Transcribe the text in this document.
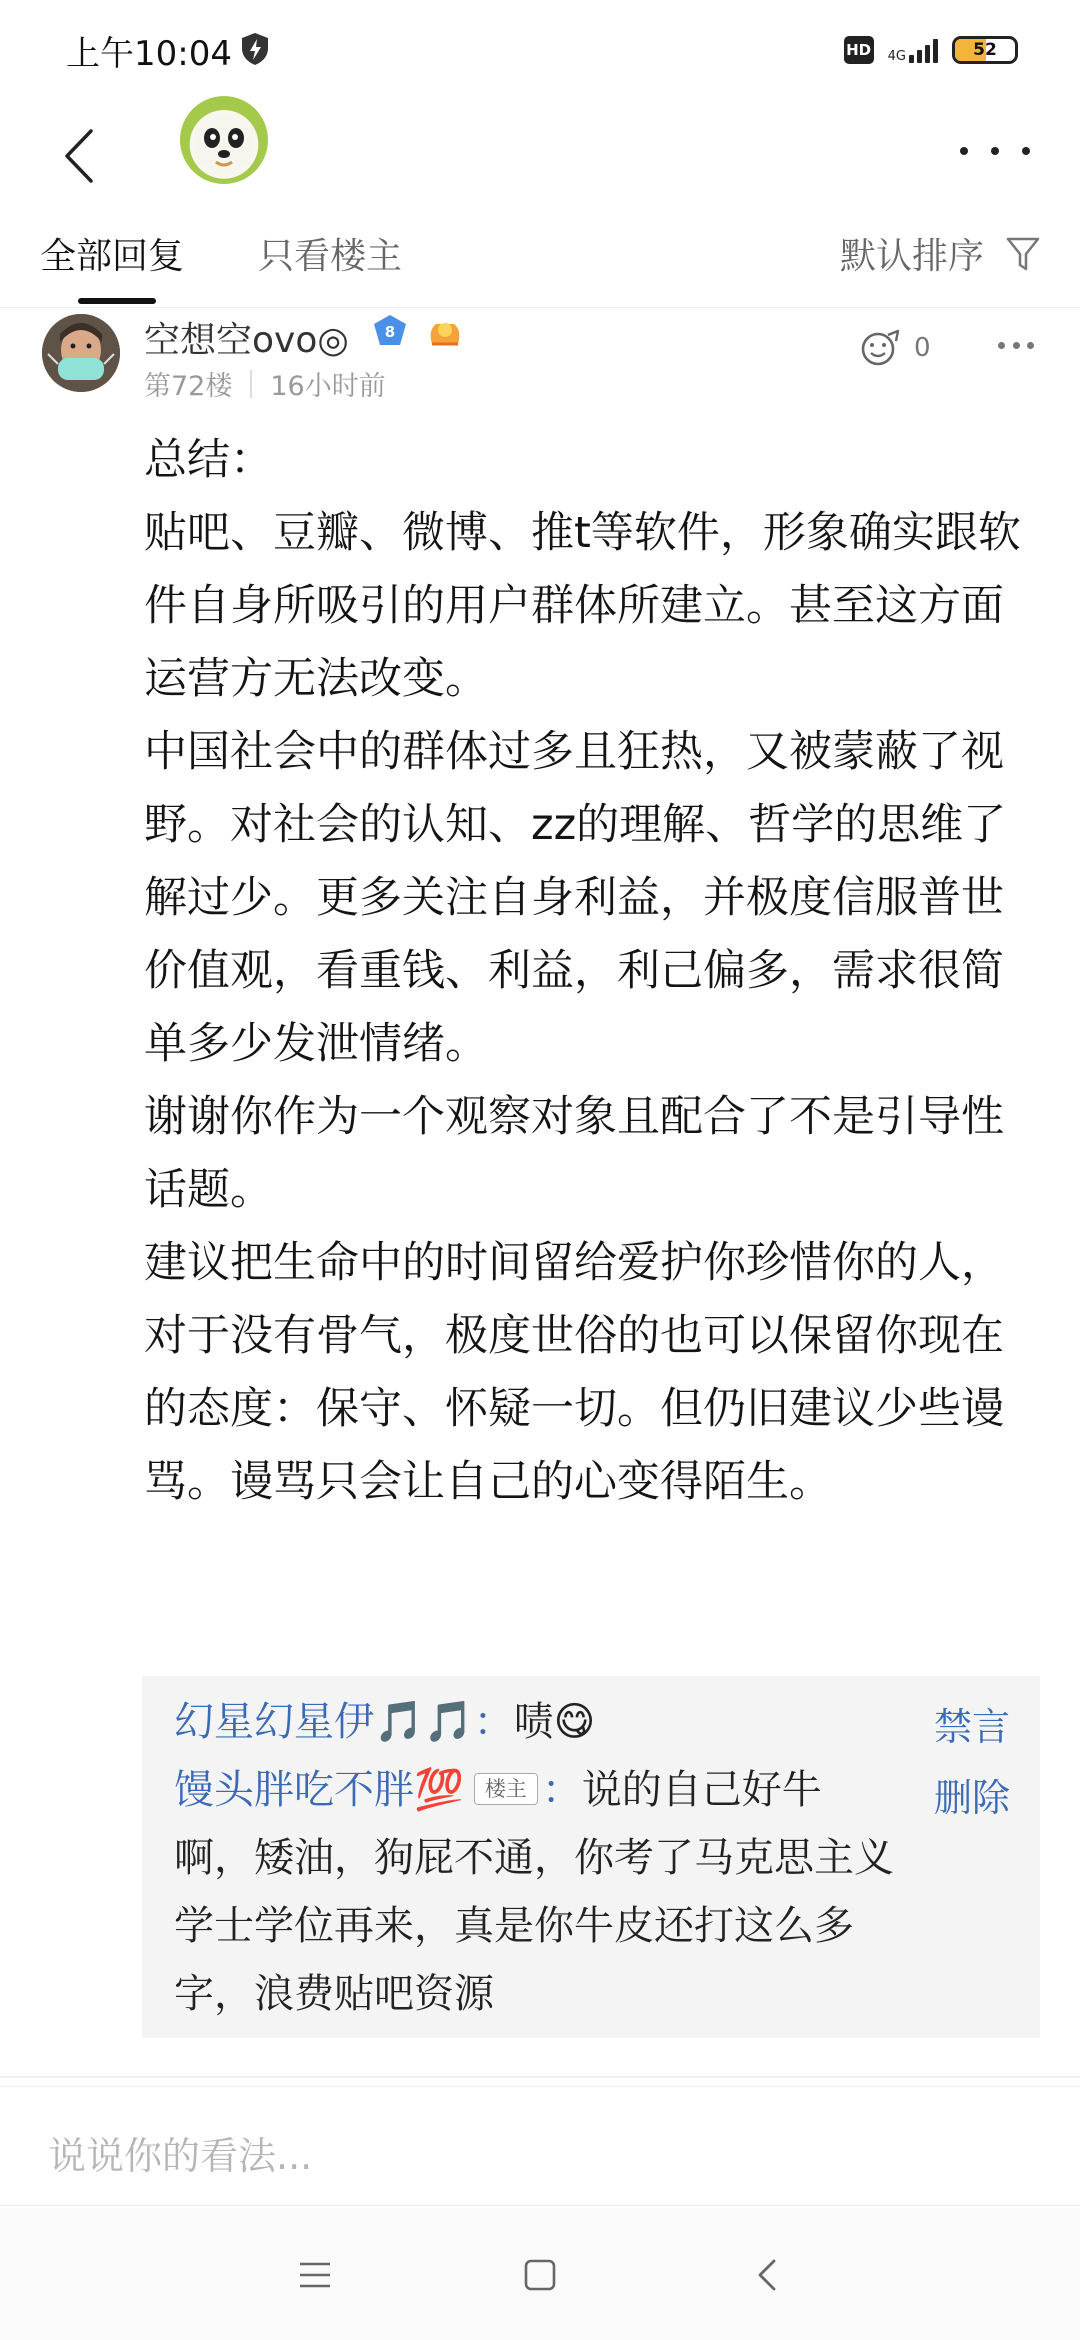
上午10:04	HD 4G	52
全部回复 只看楼主	默认排序
空想空ovo◎ 8
第72楼 16小时前
0

总结：

贴吧、豆瓣、微博、推t等软件，形象确实跟软件自身所吸引的用户群体所建立。甚至这方面运营方无法改变。

中国社会中的群体过多且狂热，又被蒙蔽了视野。对社会的认知、zz的理解、哲学的思维了解过少。更多关注自身利益，并极度信服普世价值观，看重钱、利益，利己偏多，需求很简单多少发泄情绪。

谢谢你作为一个观察对象且配合了不是引导性话题。

建议把生命中的时间留给爱护你珍惜你的人，对于没有骨气，极度世俗的也可以保留你现在的态度：保守、怀疑一切。但仍旧建议少些谩骂。谩骂只会让自己的心变得陌生。

幻星幻星伊🎵🎵：啧😋
馒头胖吃不胖💯 楼主 ：说的自己好牛啊，矮油，狗屁不通，你考了马克思主义学士学位再来，真是你牛皮还打这么多字，浪费贴吧资源
禁言
删除
说说你的看法...
